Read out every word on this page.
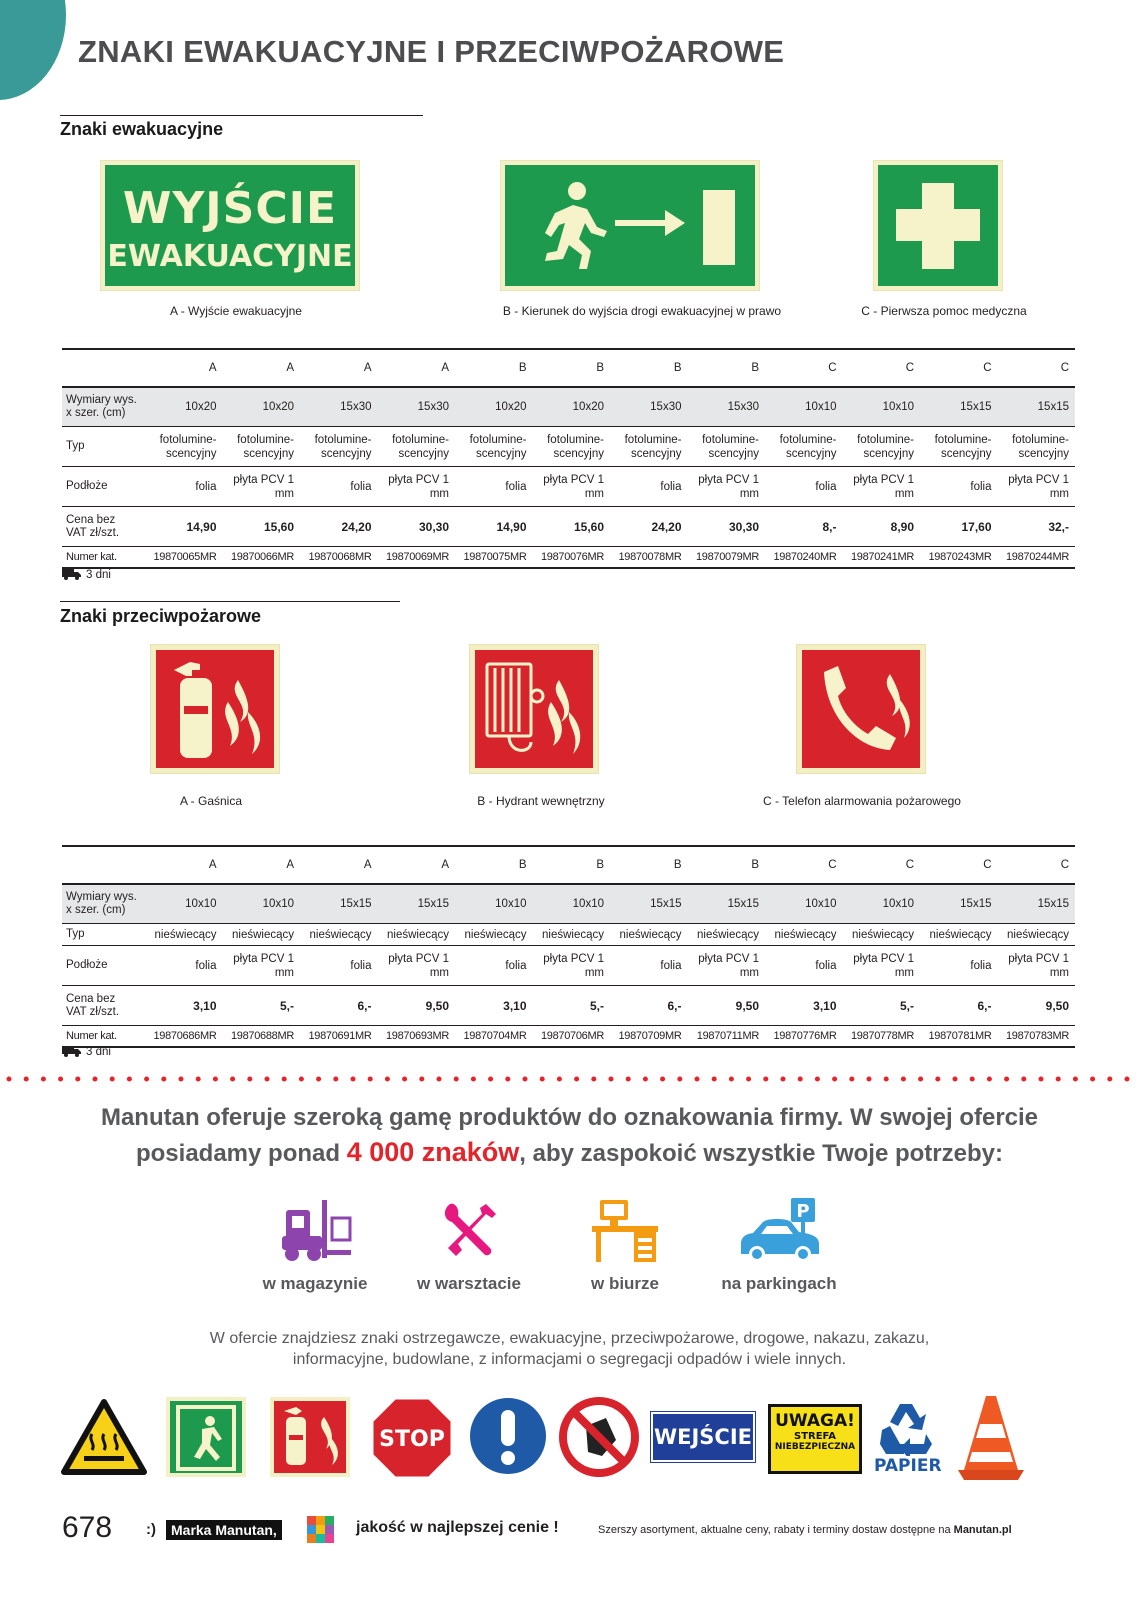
ZNAKI EWAKUACYJNE I PRZECIWPOŻAROWE
Znaki ewakuacyjne
WYJŚCIE
EWAKUACYJNE
A - Wyjście ewakuacyjne	B - Kierunek do wyjścia drogi ewakuacyjnej w prawo	C - Pierwsza pomoc medyczna
	A	A	A	A	B	B	B	B	C	C	C	C
Wymiary wys. x szer. (cm)	10x20	10x20	15x30	15x30	10x20	10x20	15x30	15x30	10x10	10x10	15x15	15x15
Typ	fotolumine-scencyjny	fotolumine-scencyjny	fotolumine-scencyjny	fotolumine-scencyjny	fotolumine-scencyjny	fotolumine-scencyjny	fotolumine-scencyjny	fotolumine-scencyjny	fotolumine-scencyjny	fotolumine-scencyjny	fotolumine-scencyjny	fotolumine-scencyjny
Podłoże	folia	płyta PCV 1 mm	folia	płyta PCV 1 mm	folia	płyta PCV 1 mm	folia	płyta PCV 1 mm	folia	płyta PCV 1 mm	folia	płyta PCV 1 mm
Cena bez VAT zł/szt.	14,90	15,60	24,20	30,30	14,90	15,60	24,20	30,30	8,-	8,90	17,60	32,-
Numer kat.	19870065MR	19870066MR	19870068MR	19870069MR	19870075MR	19870076MR	19870078MR	19870079MR	19870240MR	19870241MR	19870243MR	19870244MR
3 dni
Znaki przeciwpożarowe
A - Gaśnica	B - Hydrant wewnętrzny	C - Telefon alarmowania pożarowego
	A	A	A	A	B	B	B	B	C	C	C	C
Wymiary wys. x szer. (cm)	10x10	10x10	15x15	15x15	10x10	10x10	15x15	15x15	10x10	10x10	15x15	15x15
Typ	nieświecący	nieświecący	nieświecący	nieświecący	nieświecący	nieświecący	nieświecący	nieświecący	nieświecący	nieświecący	nieświecący	nieświecący
Podłoże	folia	płyta PCV 1 mm	folia	płyta PCV 1 mm	folia	płyta PCV 1 mm	folia	płyta PCV 1 mm	folia	płyta PCV 1 mm	folia	płyta PCV 1 mm
Cena bez VAT zł/szt.	3,10	5,-	6,-	9,50	3,10	5,-	6,-	9,50	3,10	5,-	6,-	9,50
Numer kat.	19870686MR	19870688MR	19870691MR	19870693MR	19870704MR	19870706MR	19870709MR	19870711MR	19870776MR	19870778MR	19870781MR	19870783MR
3 dni
Manutan oferuje szeroką gamę produktów do oznakowania firmy. W swojej ofercie
posiadamy ponad 4 000 znaków, aby zaspokoić wszystkie Twoje potrzeby:
P
w magazynie	w warsztacie	w biurze	na parkingach
W ofercie znajdziesz znaki ostrzegawcze, ewakuacyjne, przeciwpożarowe, drogowe, nakazu, zakazu,
informacyjne, budowlane, z informacjami o segregacji odpadów i wiele innych.
STOP	WEJŚCIE
UWAGA!
STREFA
NIEBEZPIECZNA
PAPIER
678 :)	Marka Manutan,	jakość w najlepszej cenie !	Szerszy asortyment, aktualne ceny, rabaty i terminy dostaw dostępne na Manutan.pl
